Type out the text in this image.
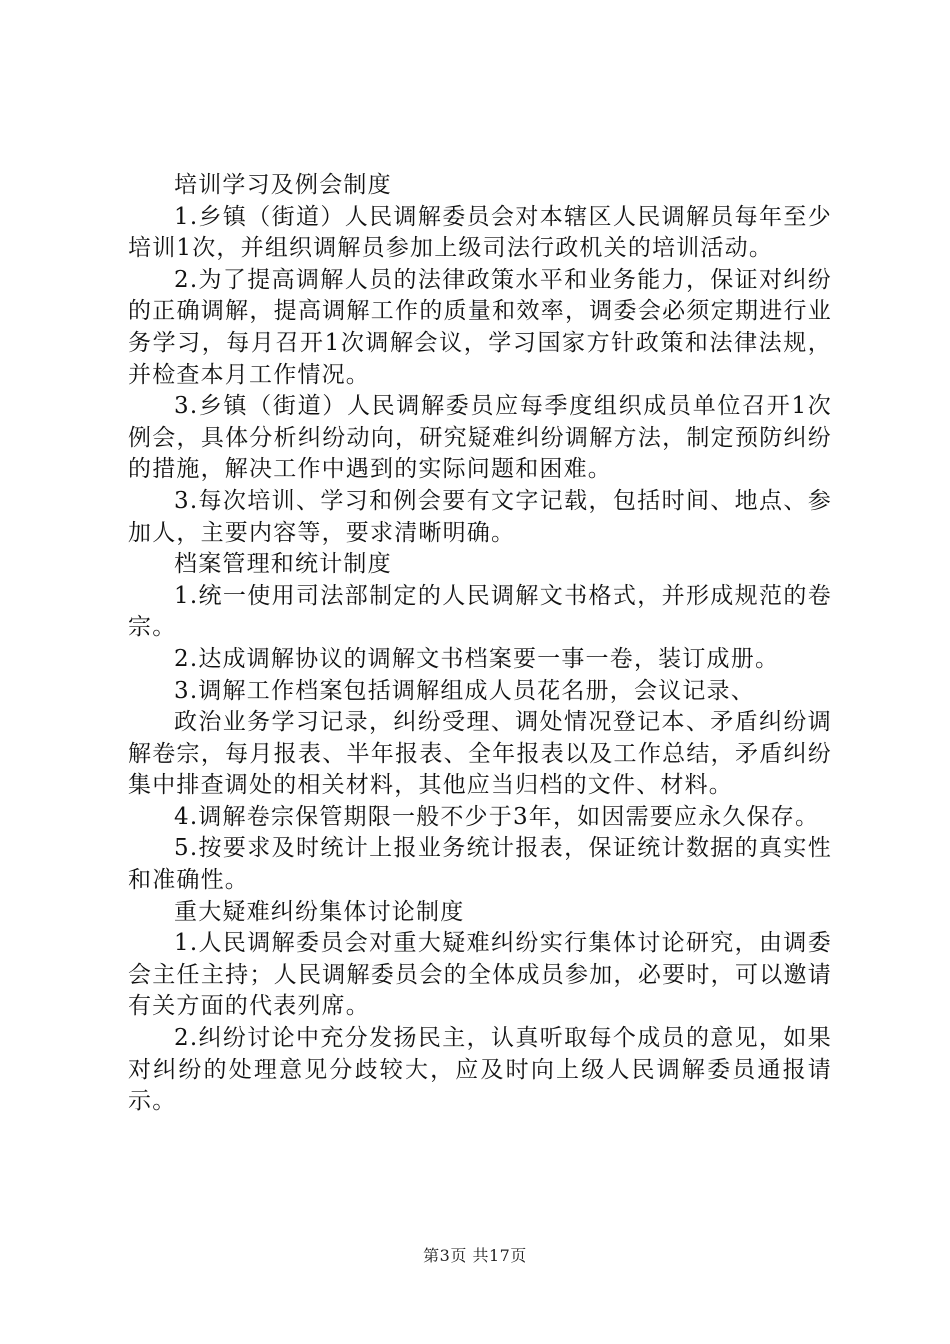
培训学习及例会制度

1.乡镇（街道）人民调解委员会对本辖区人民调解员每年至少培训1次，并组织调解员参加上级司法行政机关的培训活动。

2.为了提高调解人员的法律政策水平和业务能力，保证对纠纷的正确调解，提高调解工作的质量和效率，调委会必须定期进行业务学习，每月召开1次调解会议，学习国家方针政策和法律法规，并检查本月工作情况。

3.乡镇（街道）人民调解委员应每季度组织成员单位召开1次例会，具体分析纠纷动向，研究疑难纠纷调解方法，制定预防纠纷的措施，解决工作中遇到的实际问题和困难。

3.每次培训、学习和例会要有文字记载，包括时间、地点、参加人，主要内容等，要求清晰明确。

档案管理和统计制度

1.统一使用司法部制定的人民调解文书格式，并形成规范的卷宗。

2.达成调解协议的调解文书档案要一事一卷，装订成册。

3.调解工作档案包括调解组成人员花名册，会议记录、

政治业务学习记录，纠纷受理、调处情况登记本、矛盾纠纷调解卷宗，每月报表、半年报表、全年报表以及工作总结，矛盾纠纷集中排查调处的相关材料，其他应当归档的文件、材料。

4.调解卷宗保管期限一般不少于3年，如因需要应永久保存。

5.按要求及时统计上报业务统计报表，保证统计数据的真实性和准确性。

重大疑难纠纷集体讨论制度

1.人民调解委员会对重大疑难纠纷实行集体讨论研究，由调委会主任主持；人民调解委员会的全体成员参加，必要时，可以邀请有关方面的代表列席。

2.纠纷讨论中充分发扬民主，认真听取每个成员的意见，如果对纠纷的处理意见分歧较大，应及时向上级人民调解委员通报请示。

第3页 共17页
